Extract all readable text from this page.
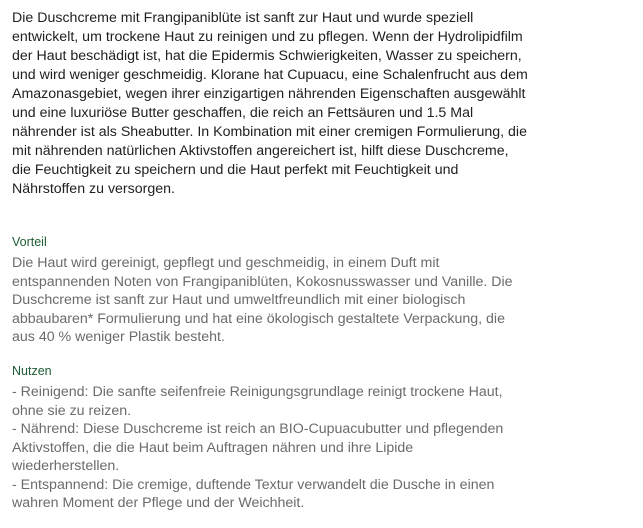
Die Duschcreme mit Frangipaniblüte ist sanft zur Haut und wurde speziell
entwickelt, um trockene Haut zu reinigen und zu pflegen. Wenn der Hydrolipidfilm
der Haut beschädigt ist, hat die Epidermis Schwierigkeiten, Wasser zu speichern,
und wird weniger geschmeidig. Klorane hat Cupuacu, eine Schalenfrucht aus dem
Amazonasgebiet, wegen ihrer einzigartigen nährenden Eigenschaften ausgewählt
und eine luxuriöse Butter geschaffen, die reich an Fettsäuren und 1.5 Mal
nährender ist als Sheabutter. In Kombination mit einer cremigen Formulierung, die
mit nährenden natürlichen Aktivstoffen angereichert ist, hilft diese Duschcreme,
die Feuchtigkeit zu speichern und die Haut perfekt mit Feuchtigkeit und
Nährstoffen zu versorgen.

Vorteil

Die Haut wird gereinigt, gepflegt und geschmeidig, in einem Duft mit
entspannenden Noten von Frangipaniblüten, Kokosnusswasser und Vanille. Die
Duschcreme ist sanft zur Haut und umweltfreundlich mit einer biologisch
abbaubaren* Formulierung und hat eine ökologisch gestaltete Verpackung, die
aus 40 % weniger Plastik besteht.

Nutzen

- Reinigend: Die sanfte seifenfreie Reinigungsgrundlage reinigt trockene Haut,
ohne sie zu reizen.
- Nährend: Diese Duschcreme ist reich an BIO-Cupuacubutter und pflegenden
Aktivstoffen, die die Haut beim Auftragen nähren und ihre Lipide
wiederherstellen.
- Entspannend: Die cremige, duftende Textur verwandelt die Dusche in einen
wahren Moment der Pflege und der Weichheit.
